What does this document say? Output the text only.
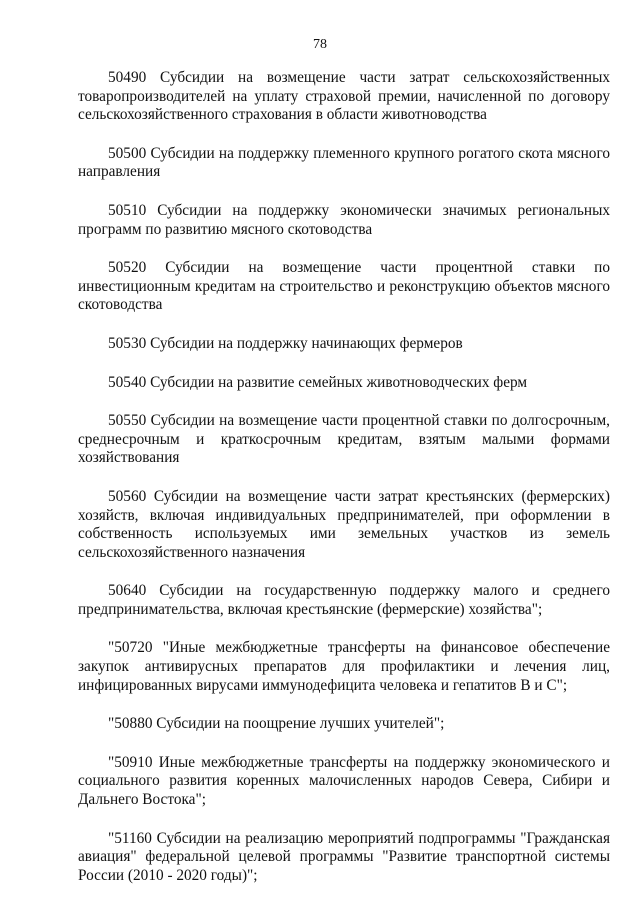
78

50490 Субсидии на возмещение части затрат сельскохозяйственных товаропроизводителей на уплату страховой премии, начисленной по договору сельскохозяйственного страхования в области животноводства

50500 Субсидии на поддержку племенного крупного рогатого скота мясного направления

50510 Субсидии на поддержку экономически значимых региональных программ по развитию мясного скотоводства

50520 Субсидии на возмещение части процентной ставки по инвестиционным кредитам на строительство и реконструкцию объектов мясного скотоводства

50530 Субсидии на поддержку начинающих фермеров

50540 Субсидии на развитие семейных животноводческих ферм

50550 Субсидии на возмещение части процентной ставки по долгосрочным, среднесрочным и краткосрочным кредитам, взятым малыми формами хозяйствования

50560 Субсидии на возмещение части затрат крестьянских (фермерских) хозяйств, включая индивидуальных предпринимателей, при оформлении в собственность используемых ими земельных участков из земель сельскохозяйственного назначения

50640 Субсидии на государственную поддержку малого и среднего предпринимательства, включая крестьянские (фермерские) хозяйства";

"50720 "Иные межбюджетные трансферты на финансовое обеспечение закупок антивирусных препаратов для профилактики и лечения лиц, инфицированных вирусами иммунодефицита человека и гепатитов B и C";

"50880 Субсидии на поощрение лучших учителей";

"50910 Иные межбюджетные трансферты на поддержку экономического и социального развития коренных малочисленных народов Севера, Сибири и Дальнего Востока";

"51160 Субсидии на реализацию мероприятий подпрограммы "Гражданская авиация" федеральной целевой программы "Развитие транспортной системы России (2010 - 2020 годы)";
